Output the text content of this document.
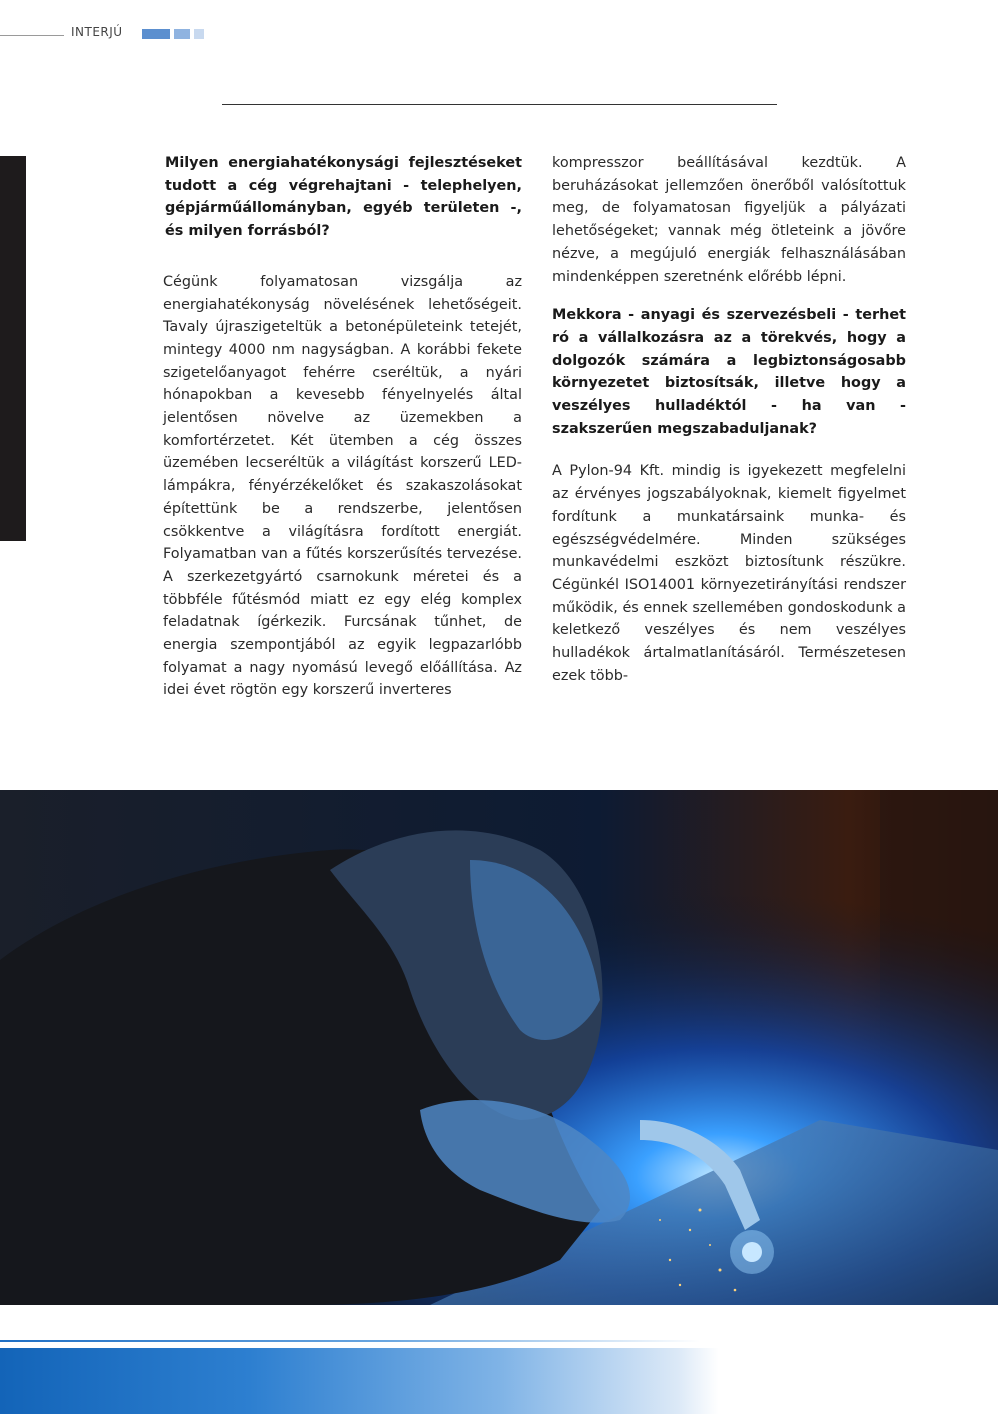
INTERJÚ

Milyen energiahatékonysági fejlesztéseket tudott a cég végrehajtani - telephelyen, gépjárműállományban, egyéb területen -, és milyen forrásból?

Cégünk folyamatosan vizsgálja az energiahatékonyság növelésének lehetőségeit. Tavaly újraszigeteltük a betonépületeink tetejét, mintegy 4000 nm nagyságban. A korábbi fekete szigetelőanyagot fehérre cseréltük, a nyári hónapokban a kevesebb fényelnyelés által jelentősen növelve az üzemekben a komfortérzetet. Két ütemben a cég összes üzemében lecseréltük a világítást korszerű LED-lámpákra, fényérzékelőket és szakaszolásokat építettünk be a rendszerbe, jelentősen csökkentve a világításra fordított energiát. Folyamatban van a fűtés korszerűsítés tervezése. A szerkezetgyártó csarnokunk méretei és a többféle fűtésmód miatt ez egy elég komplex feladatnak ígérkezik. Furcsának tűnhet, de energia szempontjából az egyik legpazarlóbb folyamat a nagy nyomású levegő előállítása. Az idei évet rögtön egy korszerű inverteres

kompresszor beállításával kezdtük. A beruházásokat jellemzően önerőből valósítottuk meg, de folyamatosan figyeljük a pályázati lehetőségeket; vannak még ötleteink a jövőre nézve, a megújuló energiák felhasználásában mindenképpen szeretnénk előrébb lépni.

Mekkora - anyagi és szervezésbeli - terhet ró a vállalkozásra az a törekvés, hogy a dolgozók számára a legbiztonságosabb környezetet biztosítsák, illetve hogy a veszélyes hulladéktól - ha van - szakszerűen megszabaduljanak?

A Pylon-94 Kft. mindig is igyekezett megfelelni az érvényes jogszabályoknak, kiemelt figyelmet fordítunk a munkatársaink munka- és egészségvédelmére. Minden szükséges munkavédelmi eszközt biztosítunk részükre. Cégünkél ISO14001 környezetirányítási rendszer működik, és ennek szellemében gondoskodunk a keletkező veszélyes és nem veszélyes hulladékok ártalmatlanításáról. Természetesen ezek több-
